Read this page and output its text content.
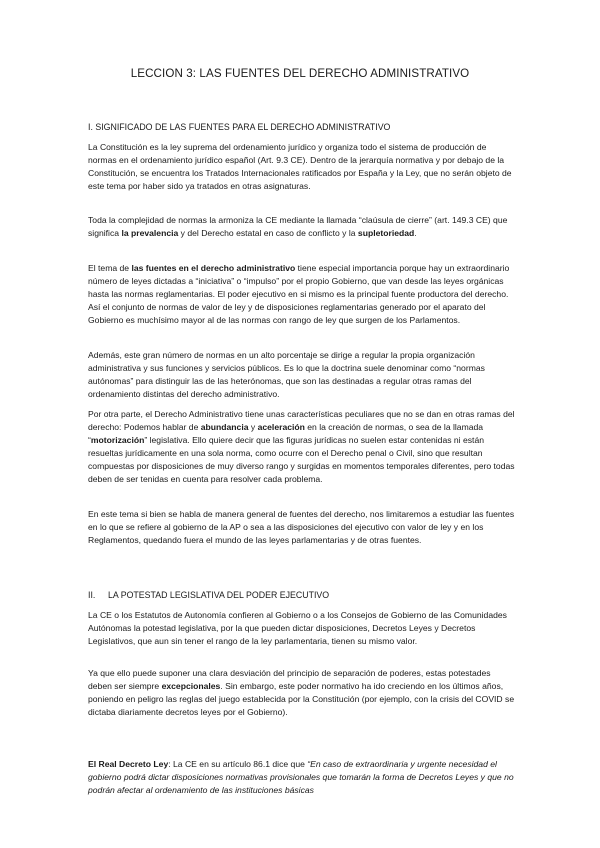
LECCION 3: LAS FUENTES DEL DERECHO ADMINISTRATIVO
I. SIGNIFICADO DE LAS FUENTES PARA EL DERECHO ADMINISTRATIVO

La Constitución es la ley suprema del ordenamiento jurídico y organiza todo el sistema de producción de normas en el ordenamiento jurídico español (Art. 9.3 CE). Dentro de la jerarquía normativa y por debajo de la Constitución, se encuentra los Tratados Internacionales ratificados por España y la Ley, que no serán objeto de este tema por haber sido ya tratados en otras asignaturas.

Toda la complejidad de normas la armoniza la CE mediante la llamada “claúsula de cierre” (art. 149.3 CE) que significa la prevalencia y del Derecho estatal en caso de conflicto y la supletoriedad.

El tema de las fuentes en el derecho administrativo tiene especial importancia porque hay un extraordinario número de leyes dictadas a “iniciativa” o “impulso” por el propio Gobierno, que van desde las leyes orgánicas hasta las normas reglamentarias. El poder ejecutivo en si mismo es la principal fuente productora del derecho. Así el conjunto de normas de valor de ley y de disposiciones reglamentarias generado por el aparato del Gobierno es muchísimo mayor al de las normas con rango de ley que surgen de los Parlamentos.

Además, este gran número de normas en un alto porcentaje se dirige a regular la propia organización administrativa y sus funciones y servicios públicos. Es lo que la doctrina suele denominar como “normas autónomas” para distinguir las de las heterónomas, que son las destinadas a regular otras ramas del ordenamiento distintas del derecho administrativo.

Por otra parte, el Derecho Administrativo tiene unas características peculiares que no se dan en otras ramas del derecho: Podemos hablar de abundancia y aceleración en la creación de normas, o sea de la llamada “motorización” legislativa. Ello quiere decir que las figuras jurídicas no suelen estar contenidas ni están resueltas jurídicamente en una sola norma, como ocurre con el Derecho penal o Civil, sino que resultan compuestas por disposiciones de muy diverso rango y surgidas en momentos temporales diferentes, pero todas deben de ser tenidas en cuenta para resolver cada problema.

En este tema si bien se habla de manera general de fuentes del derecho, nos limitaremos a estudiar las fuentes en lo que se refiere al gobierno de la AP o sea a las disposiciones del ejecutivo con valor de ley y en los Reglamentos, quedando fuera el mundo de las leyes parlamentarias y de otras fuentes.

II. LA POTESTAD LEGISLATIVA DEL PODER EJECUTIVO

La CE o los Estatutos de Autonomía confieren al Gobierno o a los Consejos de Gobierno de las Comunidades Autónomas la potestad legislativa, por la que pueden dictar disposiciones, Decretos Leyes y Decretos Legislativos, que aun sin tener el rango de la ley parlamentaria, tienen su mismo valor.

Ya que ello puede suponer una clara desviación del principio de separación de poderes, estas potestades deben ser siempre excepcionales. Sin embargo, este poder normativo ha ido creciendo en los últimos años, poniendo en peligro las reglas del juego establecida por la Constitución (por ejemplo, con la crisis del COVID se dictaba diariamente decretos leyes por el Gobierno).

El Real Decreto Ley: La CE en su artículo 86.1 dice que “En caso de extraordinaria y urgente necesidad el gobierno podrá dictar disposiciones normativas provisionales que tomarán la forma de Decretos Leyes y que no podrán afectar al ordenamiento de las instituciones básicas
